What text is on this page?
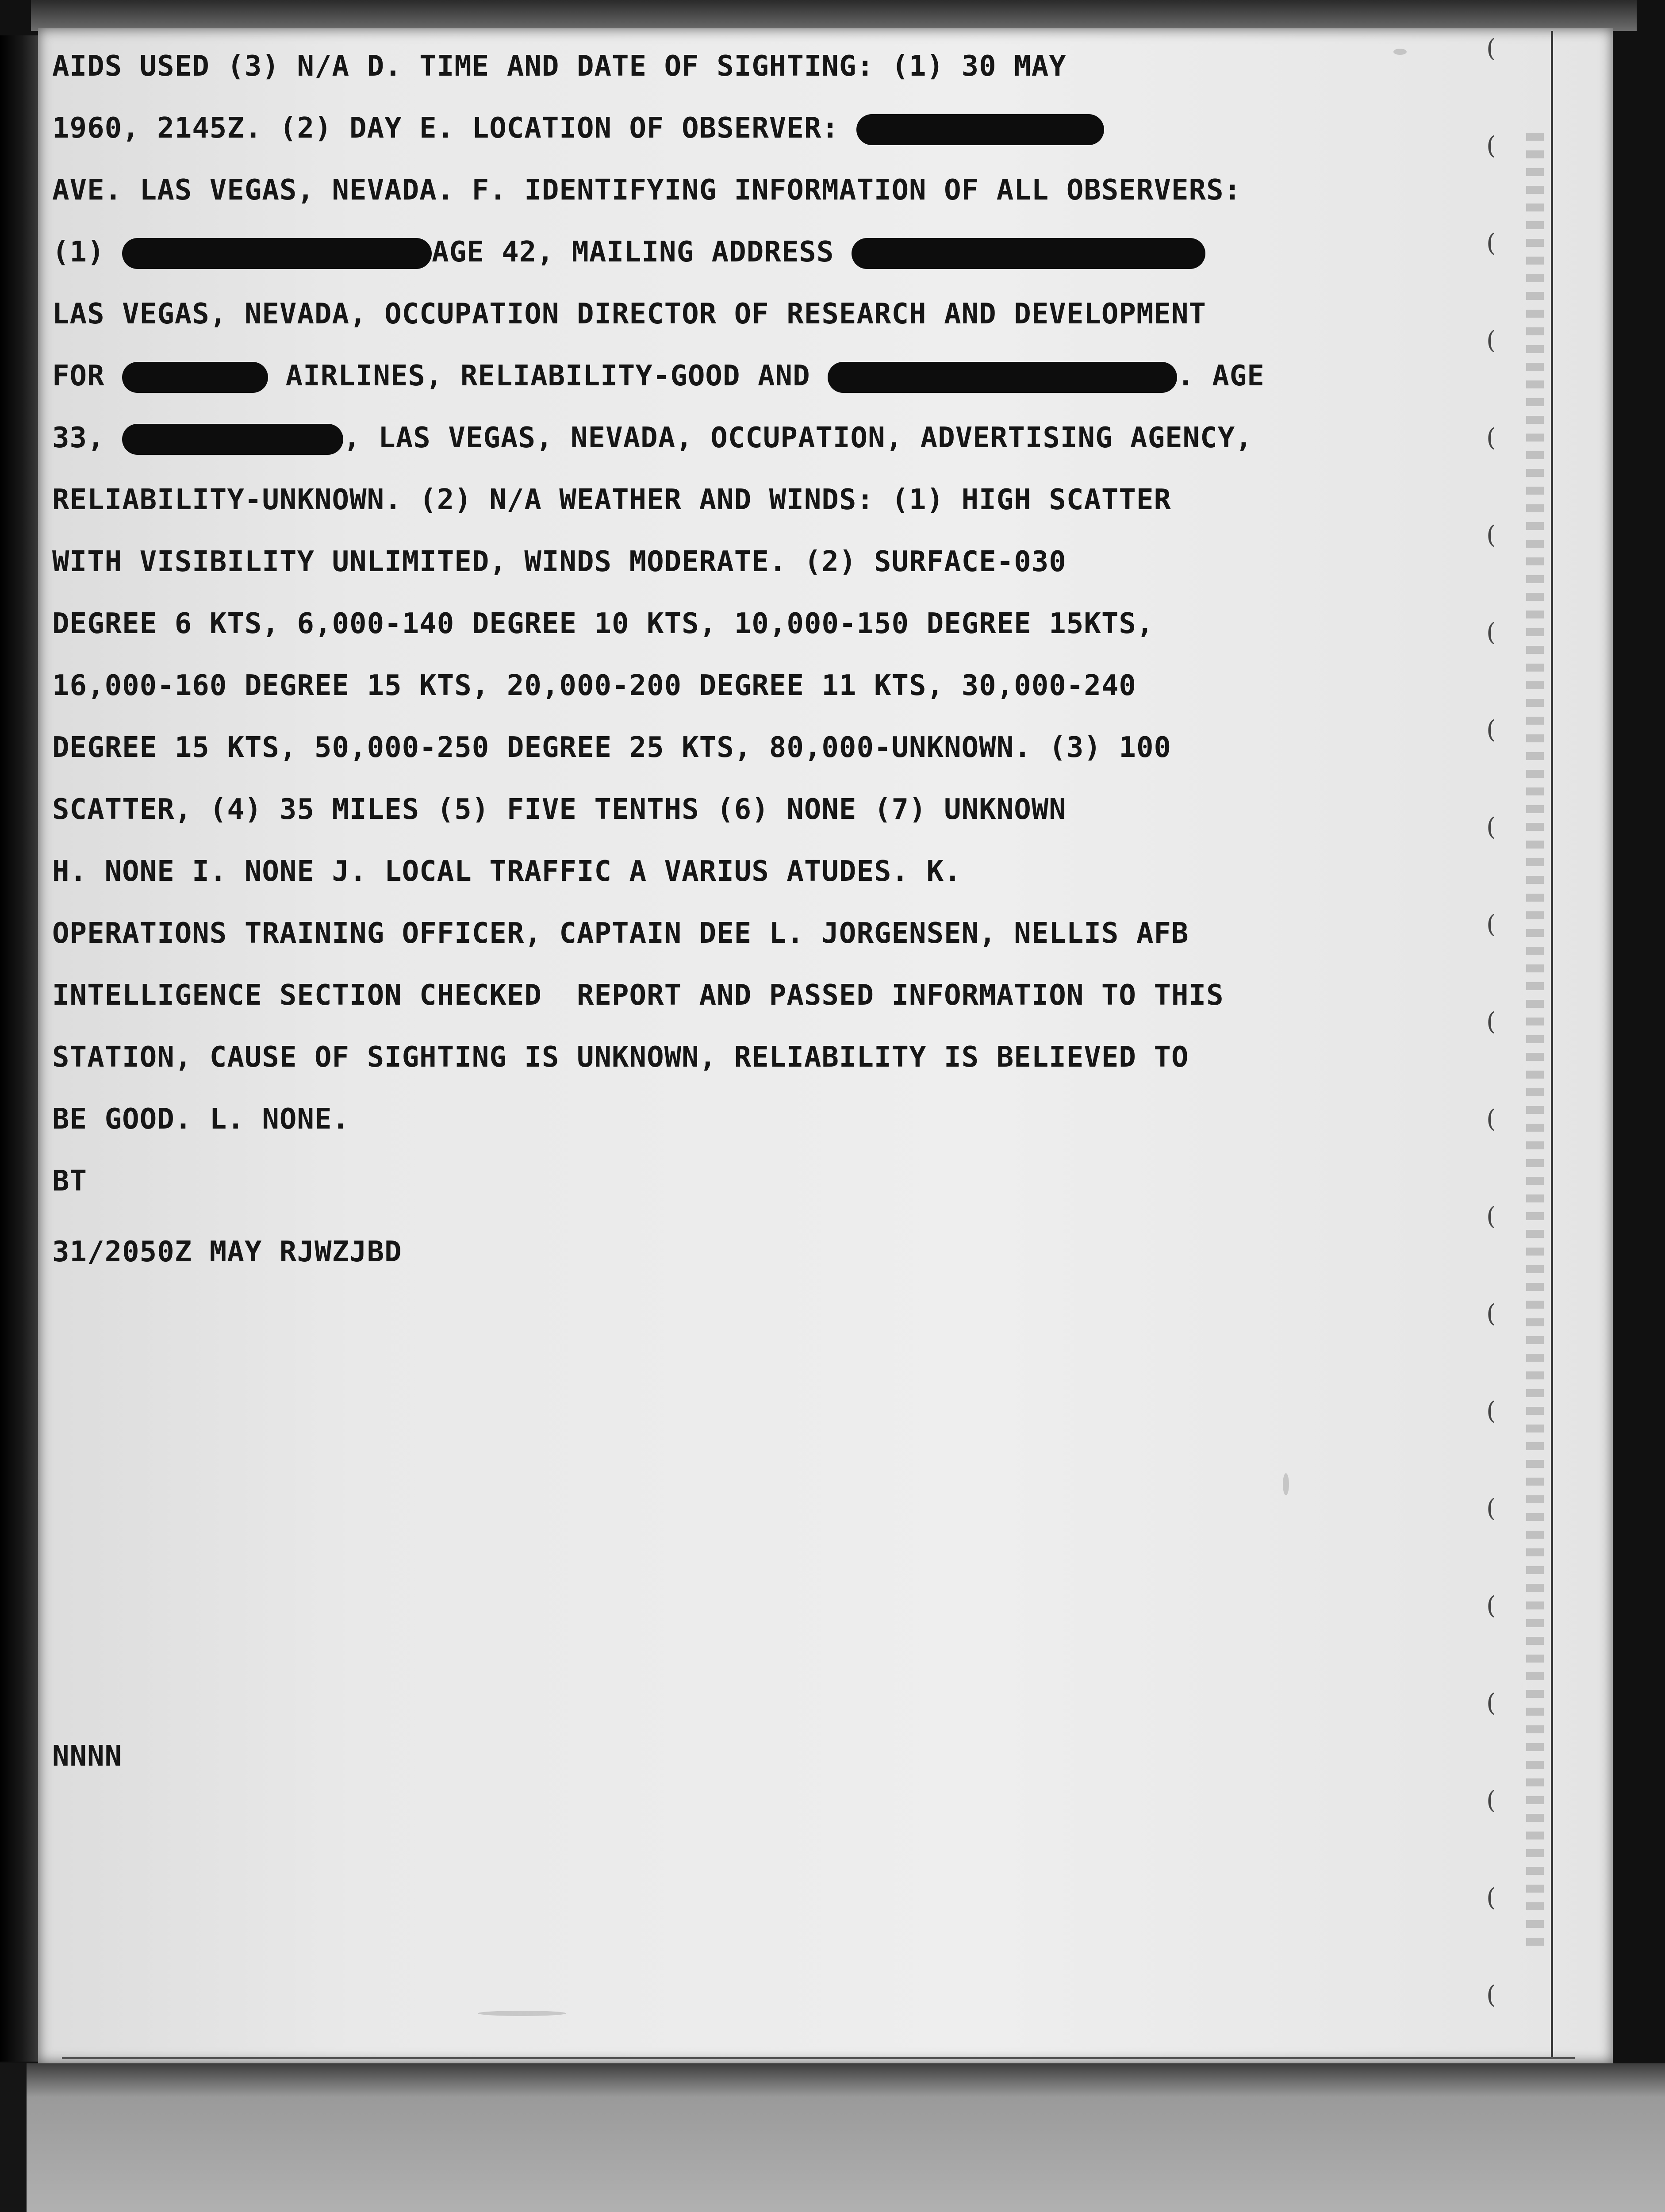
(
(
(
(
(
(
(
(
(
(
(
(
(
(
(
(
(
(
(
(
(
AIDS USED (3) N/A D. TIME AND DATE OF SIGHTING: (1) 30 MAY
1960, 2145Z. (2) DAY E. LOCATION OF OBSERVER:
AVE. LAS VEGAS, NEVADA. F. IDENTIFYING INFORMATION OF ALL OBSERVERS:
(1)	AGE 42, MAILING ADDRESS
LAS VEGAS, NEVADA, OCCUPATION DIRECTOR OF RESEARCH AND DEVELOPMENT
FOR	AIRLINES, RELIABILITY-GOOD AND	. AGE
33,	, LAS VEGAS, NEVADA, OCCUPATION, ADVERTISING AGENCY,
RELIABILITY-UNKNOWN. (2) N/A WEATHER AND WINDS: (1) HIGH SCATTER
WITH VISIBILITY UNLIMITED, WINDS MODERATE. (2) SURFACE-030
DEGREE 6 KTS, 6,000-140 DEGREE 10 KTS, 10,000-150 DEGREE 15KTS,
16,000-160 DEGREE 15 KTS, 20,000-200 DEGREE 11 KTS, 30,000-240
DEGREE 15 KTS, 50,000-250 DEGREE 25 KTS, 80,000-UNKNOWN. (3) 100
SCATTER, (4) 35 MILES (5) FIVE TENTHS (6) NONE (7) UNKNOWN
H. NONE I. NONE J. LOCAL TRAFFIC A VARIUS ATUDES. K.
OPERATIONS TRAINING OFFICER, CAPTAIN DEE L. JORGENSEN, NELLIS AFB
INTELLIGENCE SECTION CHECKED  REPORT AND PASSED INFORMATION TO THIS
STATION, CAUSE OF SIGHTING IS UNKNOWN, RELIABILITY IS BELIEVED TO
BE GOOD. L. NONE.
BT
31/2050Z MAY RJWZJBD
NNNN
